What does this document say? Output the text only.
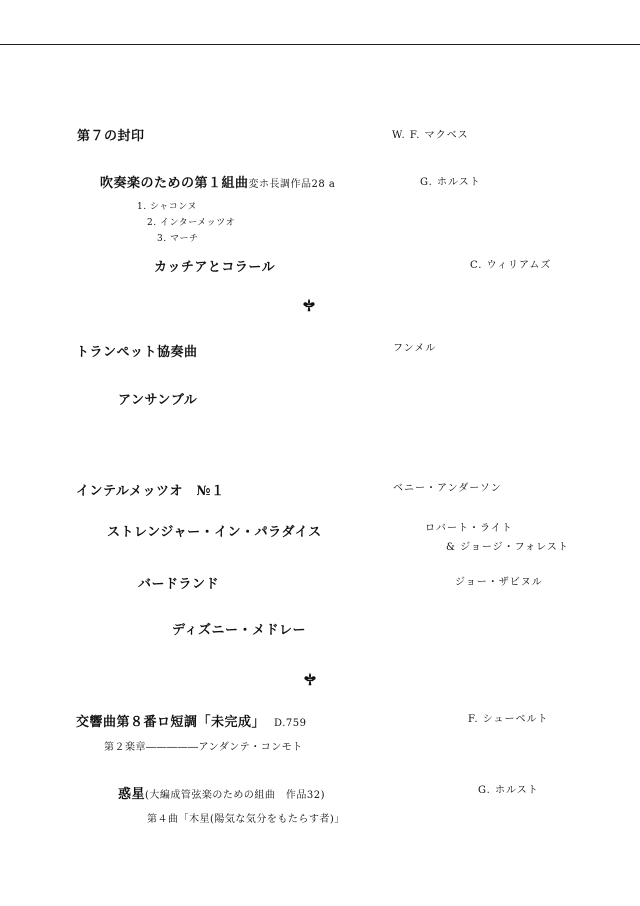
第７の封印	W. F. マクベス
吹奏楽のための第１組曲変ホ長調作品28 a	G. ホルスト
1. シャコンヌ
2. インターメッツオ
3. マーチ
カッチアとコラール	C. ウィリアムズ
トランペット協奏曲	フンメル
アンサンブル
インテルメッツオ　№１	ベニー・アンダーソン
ストレンジャー・イン・パラダイス	ロバート・ライト
& ジョージ・フォレスト
バードランド	ジョー・ザビヌル
ディズニー・メドレー
交響曲第８番ロ短調「未完成」 D.759	F. シューベルト
第２楽章―――――アンダンテ・コンモト
惑星(大編成管弦楽のための組曲　作品32)	G. ホルスト
第４曲「木星(陽気な気分をもたらす者)」
